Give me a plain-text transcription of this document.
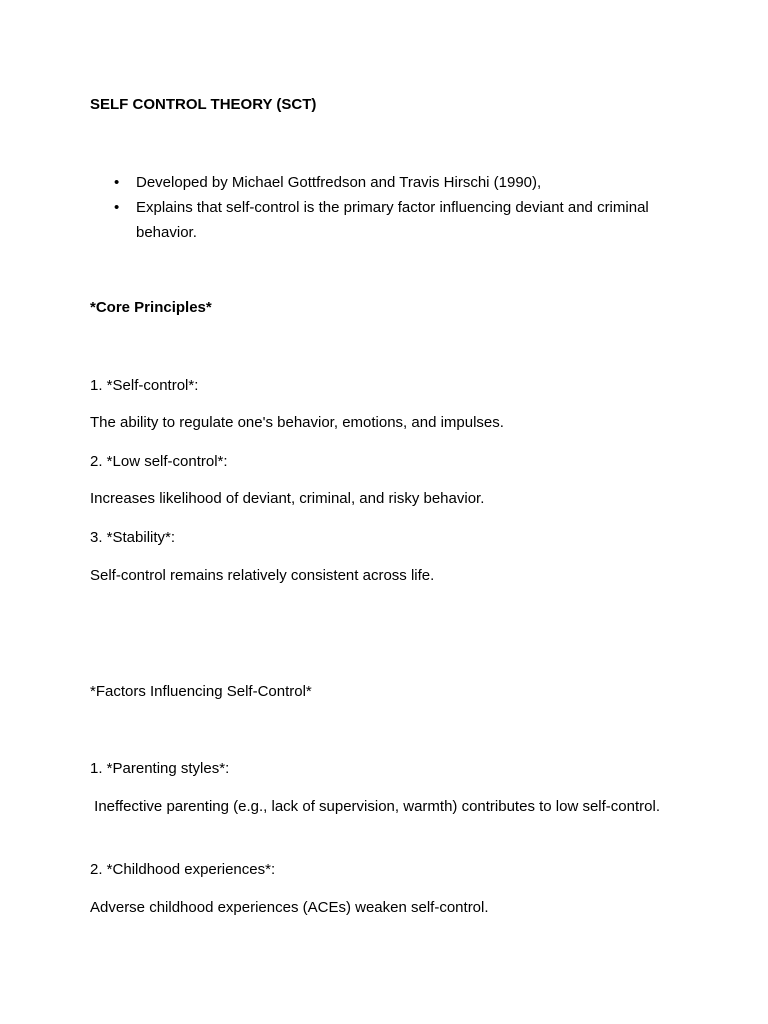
SELF CONTROL THEORY (SCT)
• Developed by Michael Gottfredson and Travis Hirschi (1990),
• Explains that self-control is the primary factor influencing deviant and criminal behavior.
*Core Principles*
1. *Self-control*:
The ability to regulate one's behavior, emotions, and impulses.
2. *Low self-control*:
Increases likelihood of deviant, criminal, and risky behavior.
3. *Stability*:
Self-control remains relatively consistent across life.
*Factors Influencing Self-Control*
1. *Parenting styles*:
Ineffective parenting (e.g., lack of supervision, warmth) contributes to low self-control.
2. *Childhood experiences*:
Adverse childhood experiences (ACEs) weaken self-control.
